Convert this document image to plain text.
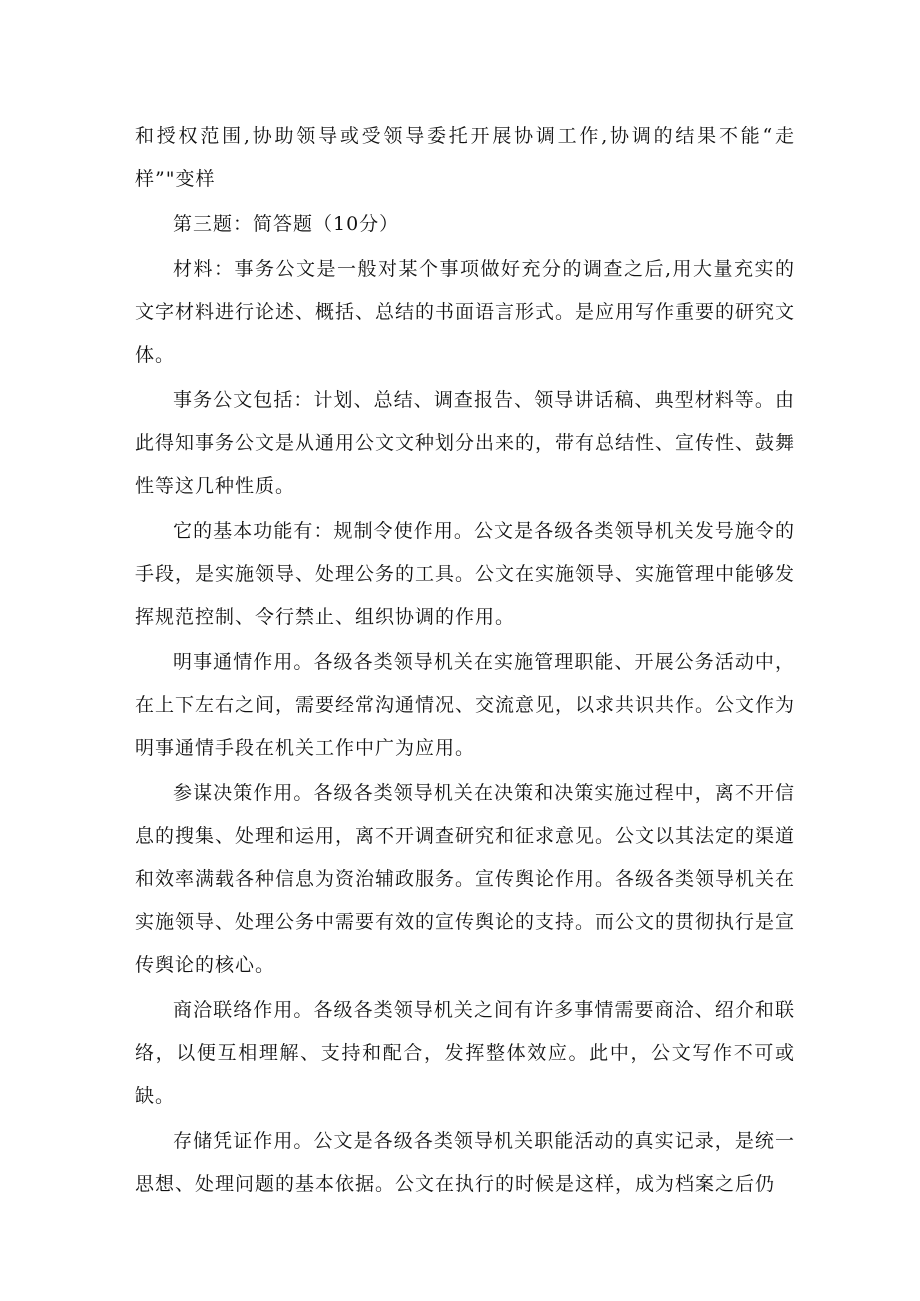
和授权范围,协助领导或受领导委托开展协调工作,协调的结果不能“走样”"变样

第三题：简答题（10分）

材料：事务公文是一般对某个事项做好充分的调查之后,用大量充实的文字材料进行论述、概括、总结的书面语言形式。是应用写作重要的研究文体。

事务公文包括：计划、总结、调查报告、领导讲话稿、典型材料等。由此得知事务公文是从通用公文文种划分出来的，带有总结性、宣传性、鼓舞性等这几种性质。

它的基本功能有：规制令使作用。公文是各级各类领导机关发号施令的手段，是实施领导、处理公务的工具。公文在实施领导、实施管理中能够发挥规范控制、令行禁止、组织协调的作用。

明事通情作用。各级各类领导机关在实施管理职能、开展公务活动中，在上下左右之间，需要经常沟通情况、交流意见，以求共识共作。公文作为明事通情手段在机关工作中广为应用。

参谋决策作用。各级各类领导机关在决策和决策实施过程中，离不开信息的搜集、处理和运用，离不开调查研究和征求意见。公文以其法定的渠道和效率满载各种信息为资治辅政服务。宣传舆论作用。各级各类领导机关在实施领导、处理公务中需要有效的宣传舆论的支持。而公文的贯彻执行是宣传舆论的核心。

商洽联络作用。各级各类领导机关之间有许多事情需要商洽、绍介和联络，以便互相理解、支持和配合，发挥整体效应。此中，公文写作不可或缺。

存储凭证作用。公文是各级各类领导机关职能活动的真实记录，是统一思想、处理问题的基本依据。公文在执行的时候是这样，成为档案之后仍
